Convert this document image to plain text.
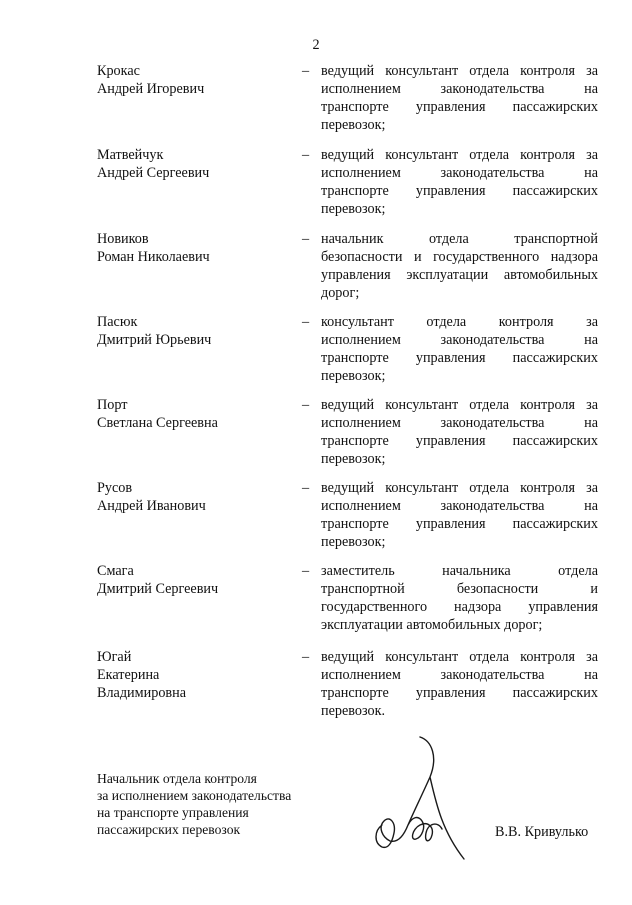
2
Крокас
Андрей Игоревич
– ведущий консультант отдела контроля за
исполнением законодательства на
транспорте управления пассажирских
перевозок;
Матвейчук
Андрей Сергеевич
– ведущий консультант отдела контроля за
исполнением законодательства на
транспорте управления пассажирских
перевозок;
Новиков
Роман Николаевич
– начальник отдела транспортной
безопасности и государственного надзора
управления эксплуатации автомобильных
дорог;
Пасюк
Дмитрий Юрьевич
– консультант отдела контроля за
исполнением законодательства на
транспорте управления пассажирских
перевозок;
Порт
Светлана Сергеевна
– ведущий консультант отдела контроля за
исполнением законодательства на
транспорте управления пассажирских
перевозок;
Русов
Андрей Иванович
– ведущий консультант отдела контроля за
исполнением законодательства на
транспорте управления пассажирских
перевозок;
Смага
Дмитрий Сергеевич
– заместитель начальника отдела
транспортной безопасности и
государственного надзора управления
эксплуатации автомобильных дорог;
Югай
Екатерина
Владимировна
– ведущий консультант отдела контроля за
исполнением законодательства на
транспорте управления пассажирских
перевозок.
Начальник отдела контроля
за исполнением законодательства
на транспорте управления
пассажирских перевозок	В.В. Кривулько
